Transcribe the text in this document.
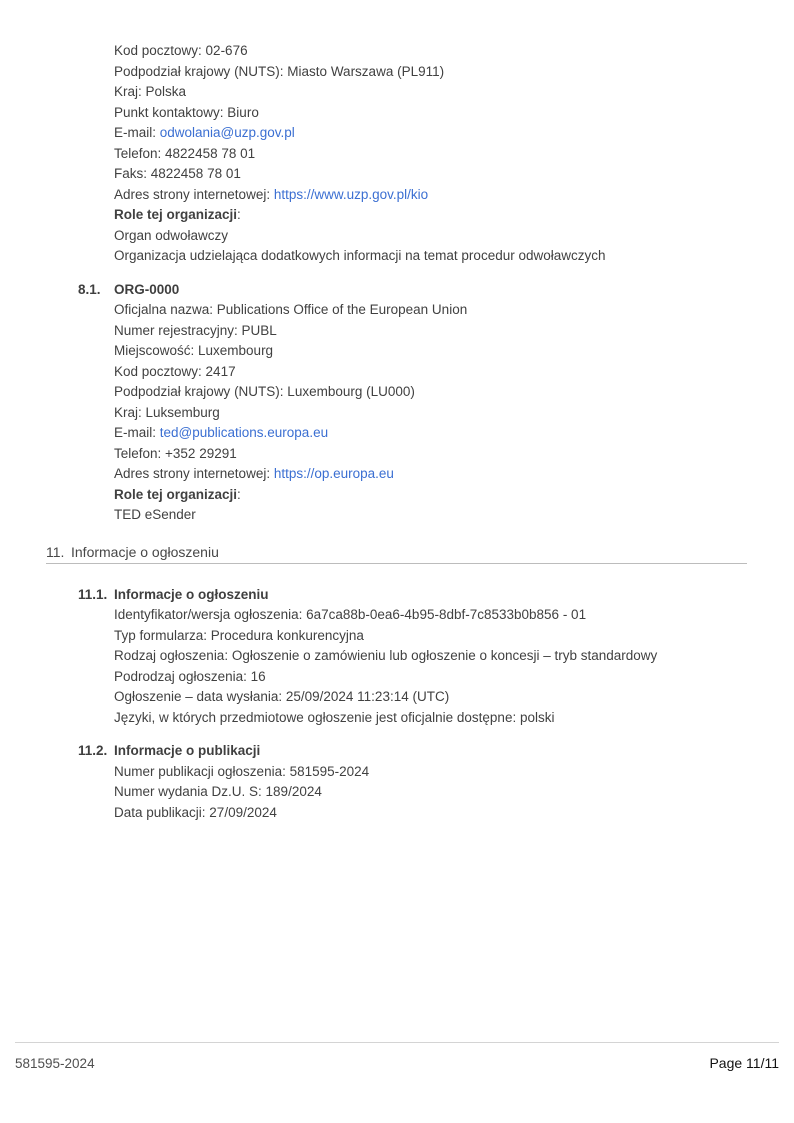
Kod pocztowy: 02-676

Podpodział krajowy (NUTS): Miasto Warszawa (PL911)

Kraj: Polska

Punkt kontaktowy: Biuro

E-mail: odwolania@uzp.gov.pl

Telefon: 4822458 78 01

Faks: 4822458 78 01

Adres strony internetowej: https://www.uzp.gov.pl/kio

Role tej organizacji:

Organ odwoławczy

Organizacja udzielająca dodatkowych informacji na temat procedur odwoławczych

8.1. ORG-0000

Oficjalna nazwa: Publications Office of the European Union

Numer rejestracyjny: PUBL

Miejscowość: Luxembourg

Kod pocztowy: 2417

Podpodział krajowy (NUTS): Luxembourg (LU000)

Kraj: Luksemburg

E-mail: ted@publications.europa.eu

Telefon: +352 29291

Adres strony internetowej: https://op.europa.eu

Role tej organizacji:

TED eSender

11. Informacje o ogłoszeniu
11.1. Informacje o ogłoszeniu

Identyfikator/wersja ogłoszenia: 6a7ca88b-0ea6-4b95-8dbf-7c8533b0b856 - 01

Typ formularza: Procedura konkurencyjna

Rodzaj ogłoszenia: Ogłoszenie o zamówieniu lub ogłoszenie o koncesji – tryb standardowy

Podrodzaj ogłoszenia: 16

Ogłoszenie – data wysłania: 25/09/2024 11:23:14 (UTC)

Języki, w których przedmiotowe ogłoszenie jest oficjalnie dostępne: polski

11.2. Informacje o publikacji

Numer publikacji ogłoszenia: 581595-2024

Numer wydania Dz.U. S: 189/2024

Data publikacji: 27/09/2024

581595-2024	Page 11/11
